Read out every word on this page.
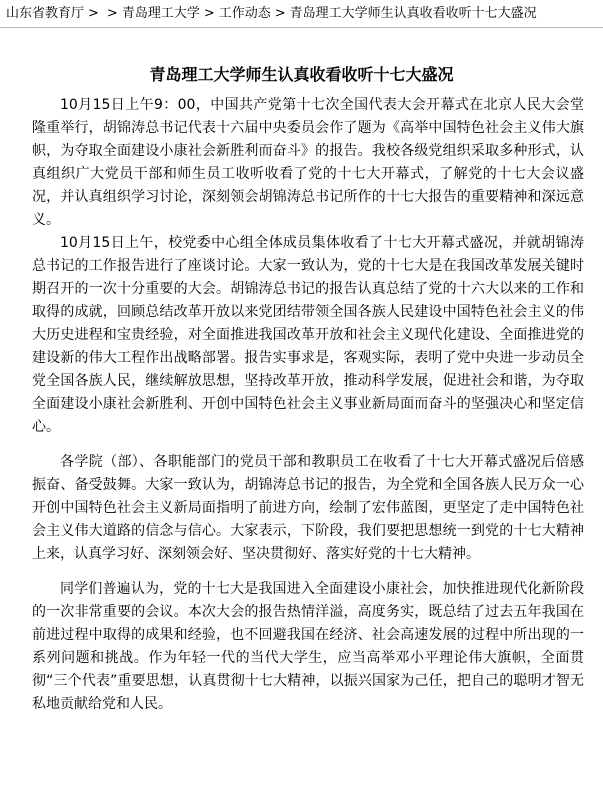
山东省教育厅 > > 青岛理工大学 > 工作动态 > 青岛理工大学师生认真收看收听十七大盛况
青岛理工大学师生认真收看收听十七大盛况

10月15日上午9：00，中国共产党第十七次全国代表大会开幕式在北京人民大会堂隆重举行，胡锦涛总书记代表十六届中央委员会作了题为《高举中国特色社会主义伟大旗帜，为夺取全面建设小康社会新胜利而奋斗》的报告。我校各级党组织采取多种形式，认真组织广大党员干部和师生员工收听收看了党的十七大开幕式，了解党的十七大会议盛况，并认真组织学习讨论，深刻领会胡锦涛总书记所作的十七大报告的重要精神和深远意义。

10月15日上午，校党委中心组全体成员集体收看了十七大开幕式盛况，并就胡锦涛总书记的工作报告进行了座谈讨论。大家一致认为，党的十七大是在我国改革发展关键时期召开的一次十分重要的大会。胡锦涛总书记的报告认真总结了党的十六大以来的工作和取得的成就，回顾总结改革开放以来党团结带领全国各族人民建设中国特色社会主义的伟大历史进程和宝贵经验，对全面推进我国改革开放和社会主义现代化建设、全面推进党的建设新的伟大工程作出战略部署。报告实事求是，客观实际，表明了党中央进一步动员全党全国各族人民，继续解放思想，坚持改革开放，推动科学发展，促进社会和谐，为夺取全面建设小康社会新胜利、开创中国特色社会主义事业新局面而奋斗的坚强决心和坚定信心。

各学院（部）、各职能部门的党员干部和教职员工在收看了十七大开幕式盛况后倍感振奋、备受鼓舞。大家一致认为，胡锦涛总书记的报告，为全党和全国各族人民万众一心开创中国特色社会主义新局面指明了前进方向，绘制了宏伟蓝图，更坚定了走中国特色社会主义伟大道路的信念与信心。大家表示，下阶段，我们要把思想统一到党的十七大精神上来，认真学习好、深刻领会好、坚决贯彻好、落实好党的十七大精神。

同学们普遍认为，党的十七大是我国进入全面建设小康社会，加快推进现代化新阶段的一次非常重要的会议。本次大会的报告热情洋溢，高度务实，既总结了过去五年我国在前进过程中取得的成果和经验，也不回避我国在经济、社会高速发展的过程中所出现的一系列问题和挑战。作为年轻一代的当代大学生，应当高举邓小平理论伟大旗帜，全面贯彻“三个代表”重要思想，认真贯彻十七大精神，以振兴国家为己任，把自己的聪明才智无私地贡献给党和人民。
